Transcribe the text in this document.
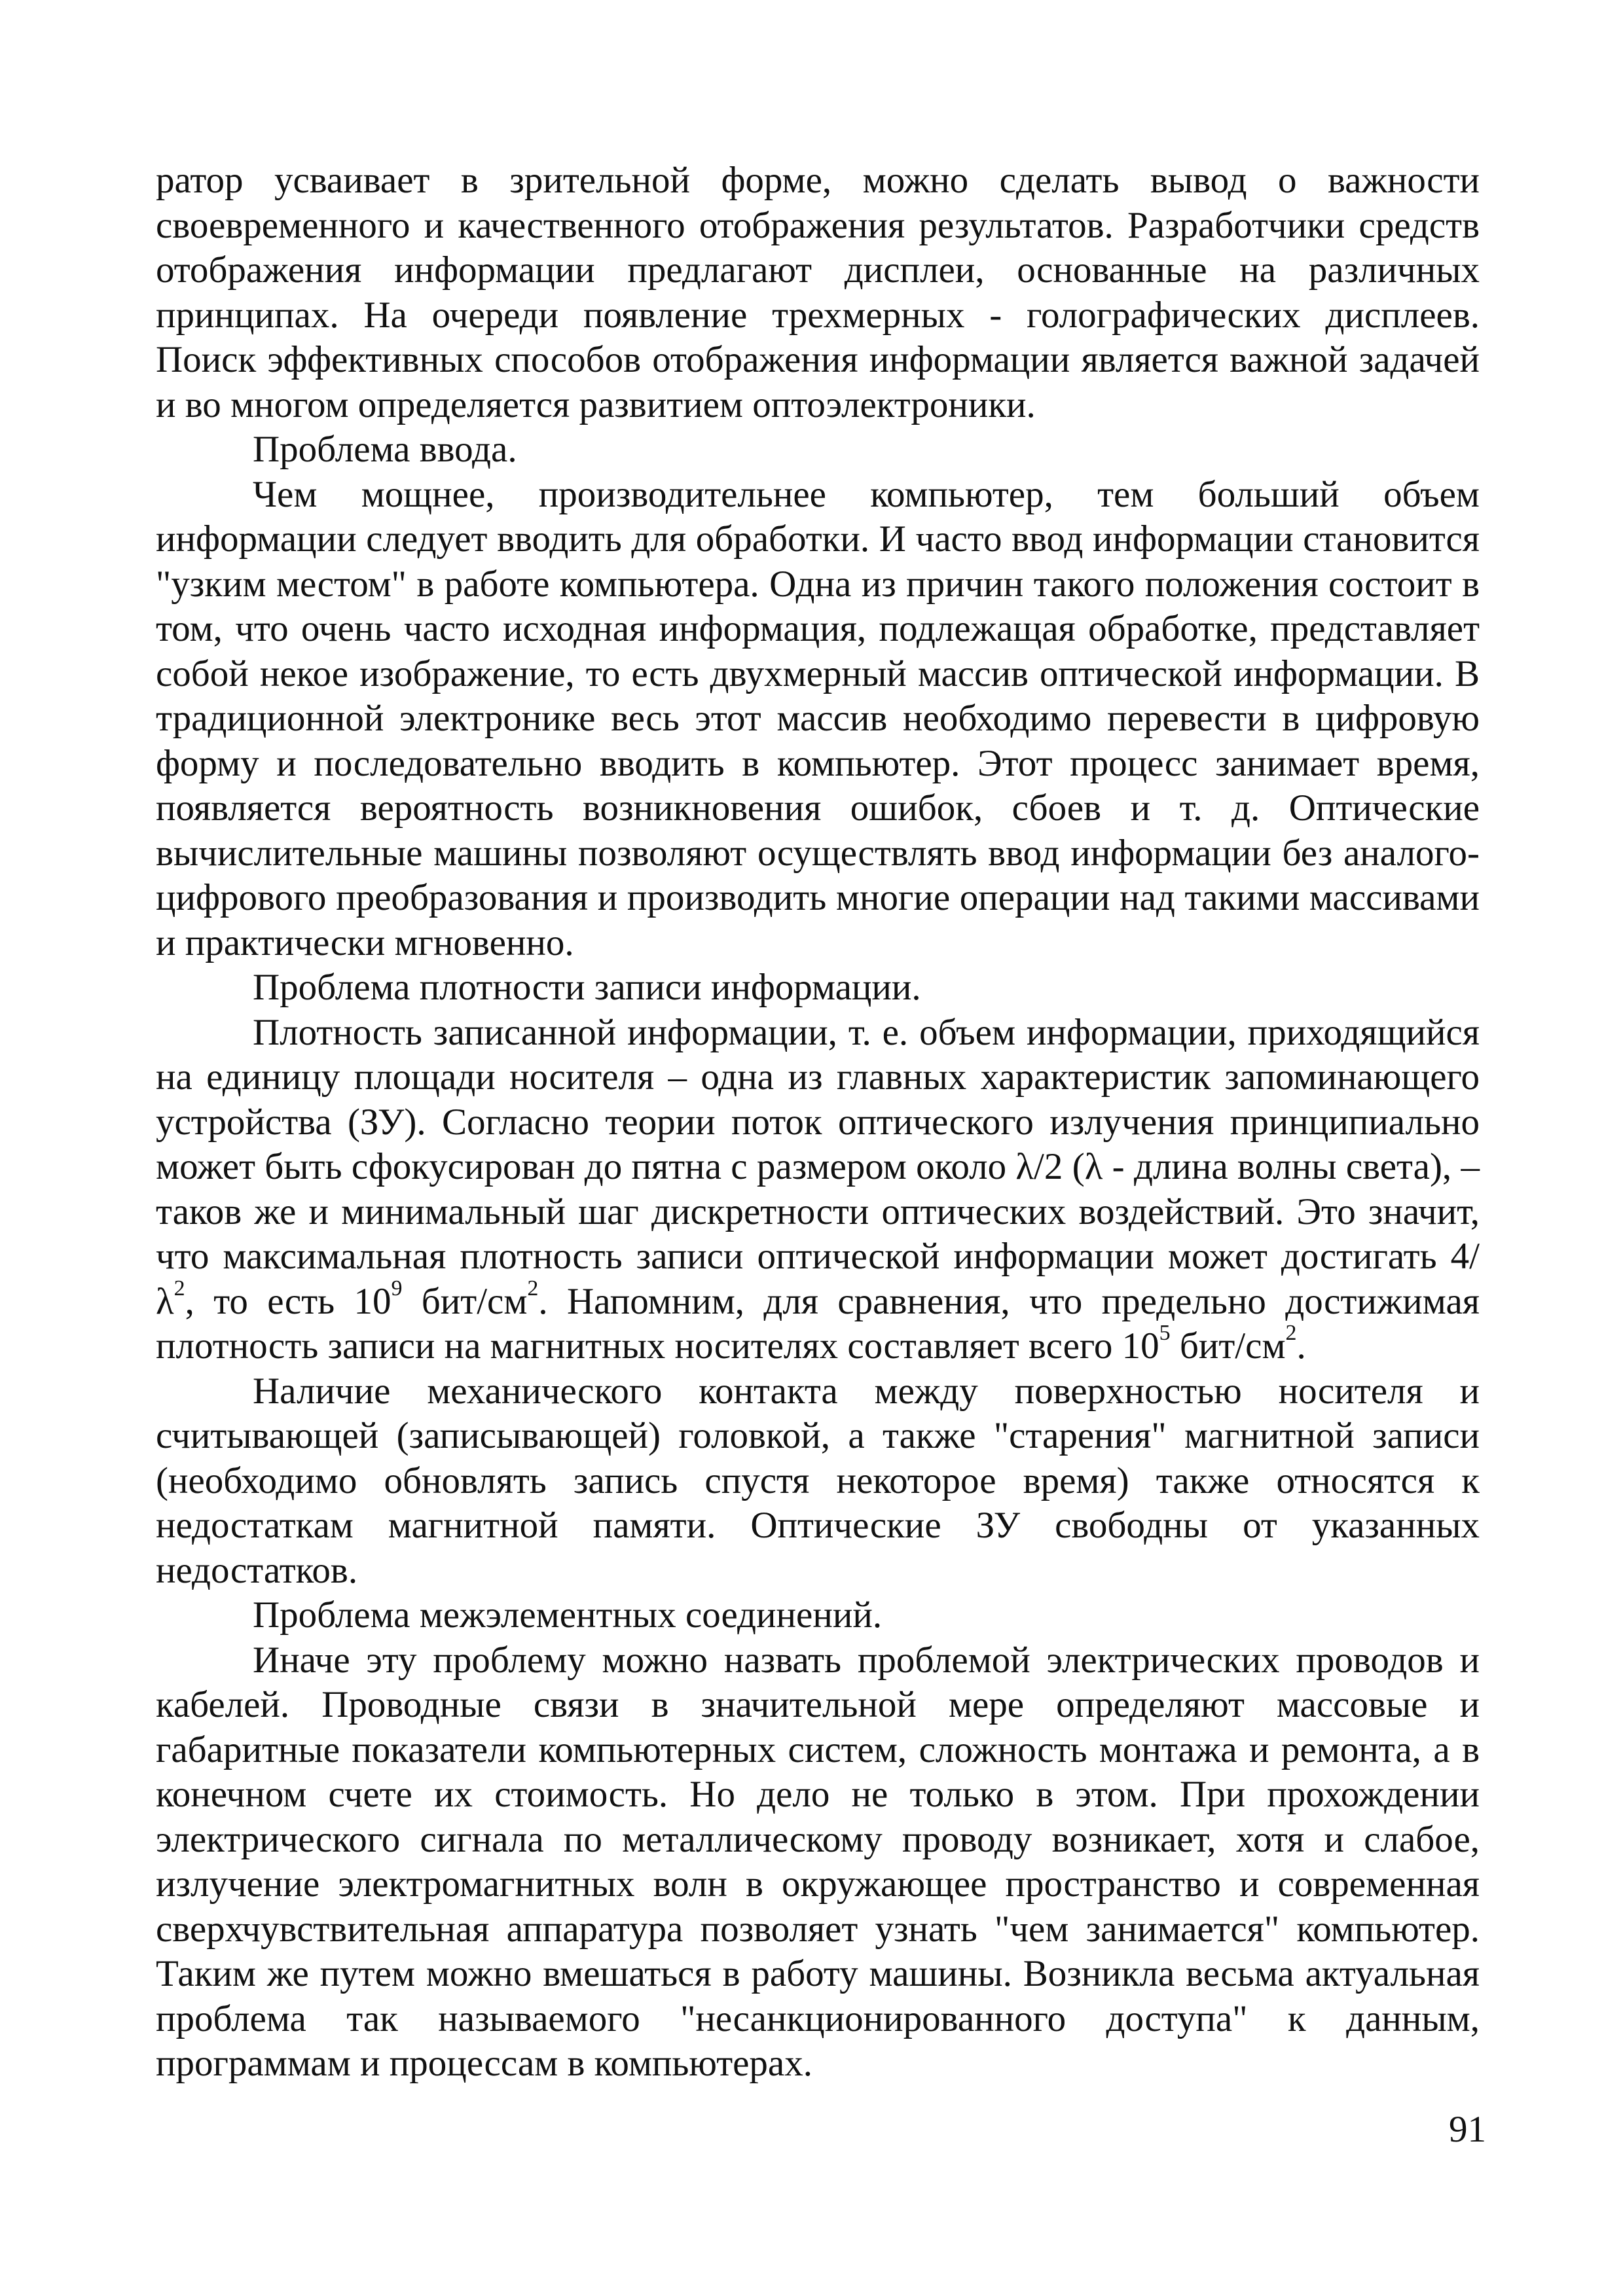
ратор усваивает в зрительной форме, можно сделать вывод о важности своевременного и качественного отображения результатов. Разработчики средств отображения информации предлагают дисплеи, основанные на различных принципах. На очереди появление трехмерных - голографических дисплеев. Поиск эффективных способов отображения информации является важной задачей и во многом определяется развитием оптоэлектроники.

Проблема ввода.

Чем мощнее, производительнее компьютер, тем больший объем информации следует вводить для обработки. И часто ввод информации становится "узким местом" в работе компьютера. Одна из причин такого положения состоит в том, что очень часто исходная информация, подлежащая обработке, представляет собой некое изображение, то есть двухмерный массив оптической информации. В традиционной электронике весь этот массив необходимо перевести в цифровую форму и последовательно вводить в компьютер. Этот процесс занимает время, появляется вероятность возникновения ошибок, сбоев и т. д. Оптические вычислительные машины позволяют осуществлять ввод информации без аналого-цифрового преобразования и производить многие операции над такими массивами и практически мгновенно.

Проблема плотности записи информации.

Плотность записанной информации, т. е. объем информации, приходящийся на единицу площади носителя – одна из главных характеристик запоминающего устройства (ЗУ). Согласно теории поток оптического излучения принципиально может быть сфокусирован до пятна с размером около λ/2 (λ - длина волны света), – таков же и минимальный шаг дискретности оптических воздействий. Это значит, что максимальная плотность записи оптической информации может достигать $4/\lambda^2$, то есть $10^9$ бит/$см^2$. Напомним, для сравнения, что предельно достижимая плотность записи на магнитных носителях составляет всего $10^5$ бит/$см^2$.

Наличие механического контакта между поверхностью носителя и считывающей (записывающей) головкой, а также "старения" магнитной записи (необходимо обновлять запись спустя некоторое время) также относятся к недостаткам магнитной памяти. Оптические ЗУ свободны от указанных недостатков.

Проблема межэлементных соединений.

Иначе эту проблему можно назвать проблемой электрических проводов и кабелей. Проводные связи в значительной мере определяют массовые и габаритные показатели компьютерных систем, сложность монтажа и ремонта, а в конечном счете их стоимость. Но дело не только в этом. При прохождении электрического сигнала по металлическому проводу возникает, хотя и слабое, излучение электромагнитных волн в окружающее пространство и современная сверхчувствительная аппаратура позволяет узнать "чем занимается" компьютер. Таким же путем можно вмешаться в работу машины. Возникла весьма актуальная проблема так называемого "несанкционированного доступа" к данным, программам и процессам в компьютерах.

91
